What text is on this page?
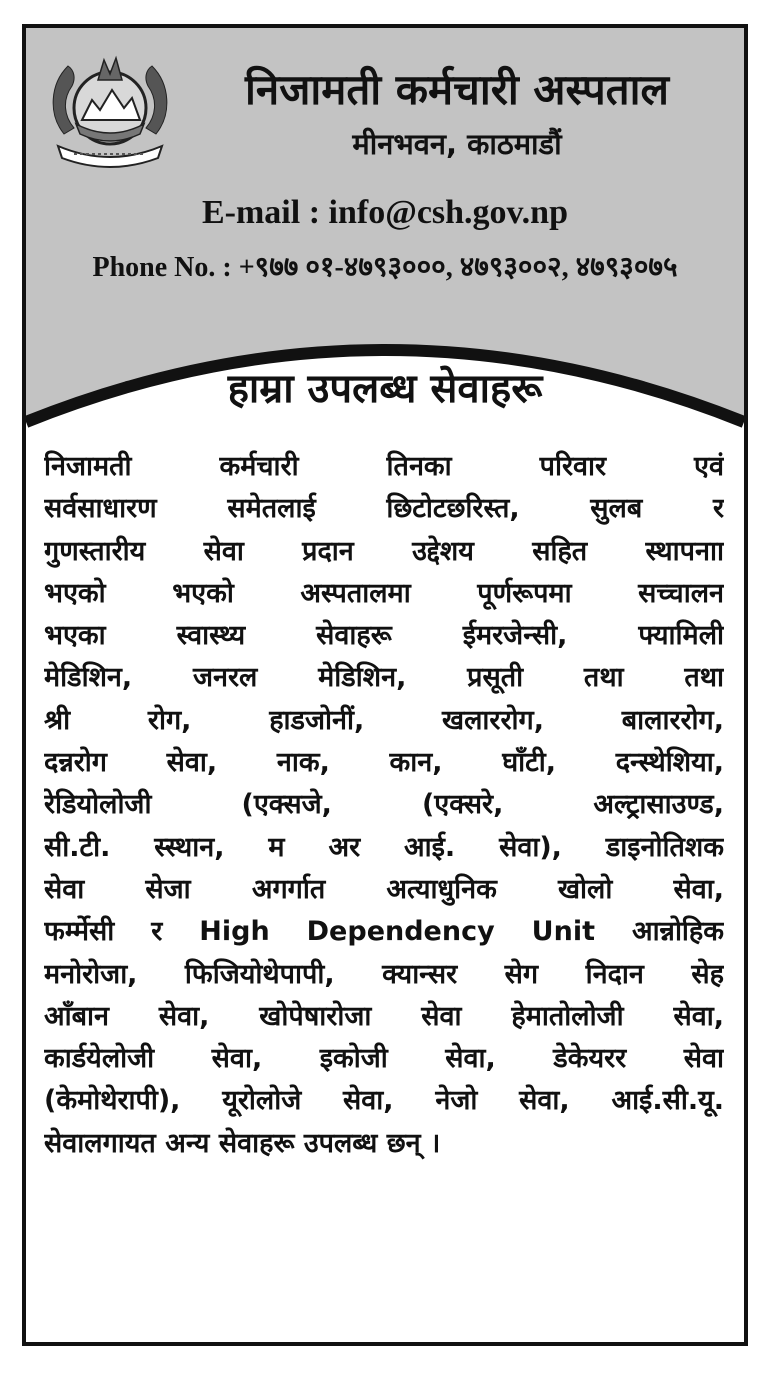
निजामती कर्मचारी अस्पताल
मीनभवन, काठमाडौं
E-mail : info@csh.gov.np
Phone No. : +९७७ ०१-४७९३०००, ४७९३००२, ४७९३०७५
हाम्रा उपलब्ध सेवाहरू
निजामती कर्मचारी तिनका परिवार एवं
सर्वसाधारण समेतलाई छिटोटछरिस्त, सुलब र
गुणस्तारीय सेवा प्रदान उद्देशय सहित स्थापनाा
भएको भएको अस्पतालमा पूर्णरूपमा सच्चालन
भएका स्वास्थ्य सेवाहरू ईमरजेन्सी, फ्यामिली
मेडिशिन, जनरल मेडिशिन, प्रसूती तथा तथा
श्री रोग, हाडजोनीं, खलाररोग, बालाररोग,
दन्नरोग सेवा, नाक, कान, घाँटी, दन्स्थेशिया,
रेडियोलोजी (एक्सजे, (एक्सरे, अल्ट्रासाउण्ड,
सी.टी. स्स्थान, म अर आई. सेवा), डाइनोतिशक
सेवा सेजा अगर्गात अत्याधुनिक खोलो सेवा,
फर्म्मेसी र High Dependency Unit आन्नोहिक
मनोरोजा, फिजियोथेपापी, क्यान्सर सेग निदान सेह
आँबान सेवा, खोपेषारोजा सेवा हेमातोलोजी सेवा,
कार्डयेलोजी सेवा, इकोजी सेवा, डेकेयरर सेवा
(केमोथेरापी), यूरोलोजे सेवा, नेजो सेवा, आई.सी.यू.
सेवालगायत अन्य सेवाहरू उपलब्ध छन् ।
